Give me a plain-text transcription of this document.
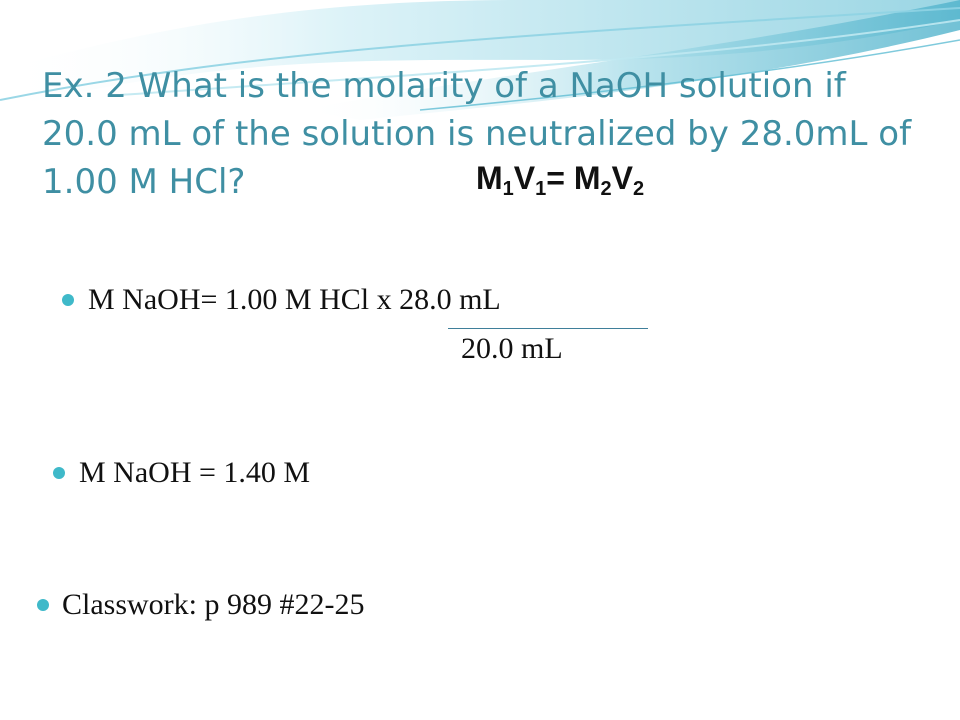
Ex. 2 What is the molarity of a NaOH solution if 20.0 mL of the solution is neutralized by 28.0mL of 1.00 M HCl?	$M_1V_1= M_2V_2$
M NaOH= 1.00 M HCl x 28.0 mL
20.0 mL
M NaOH = 1.40 M
Classwork: p 989 #22-25
